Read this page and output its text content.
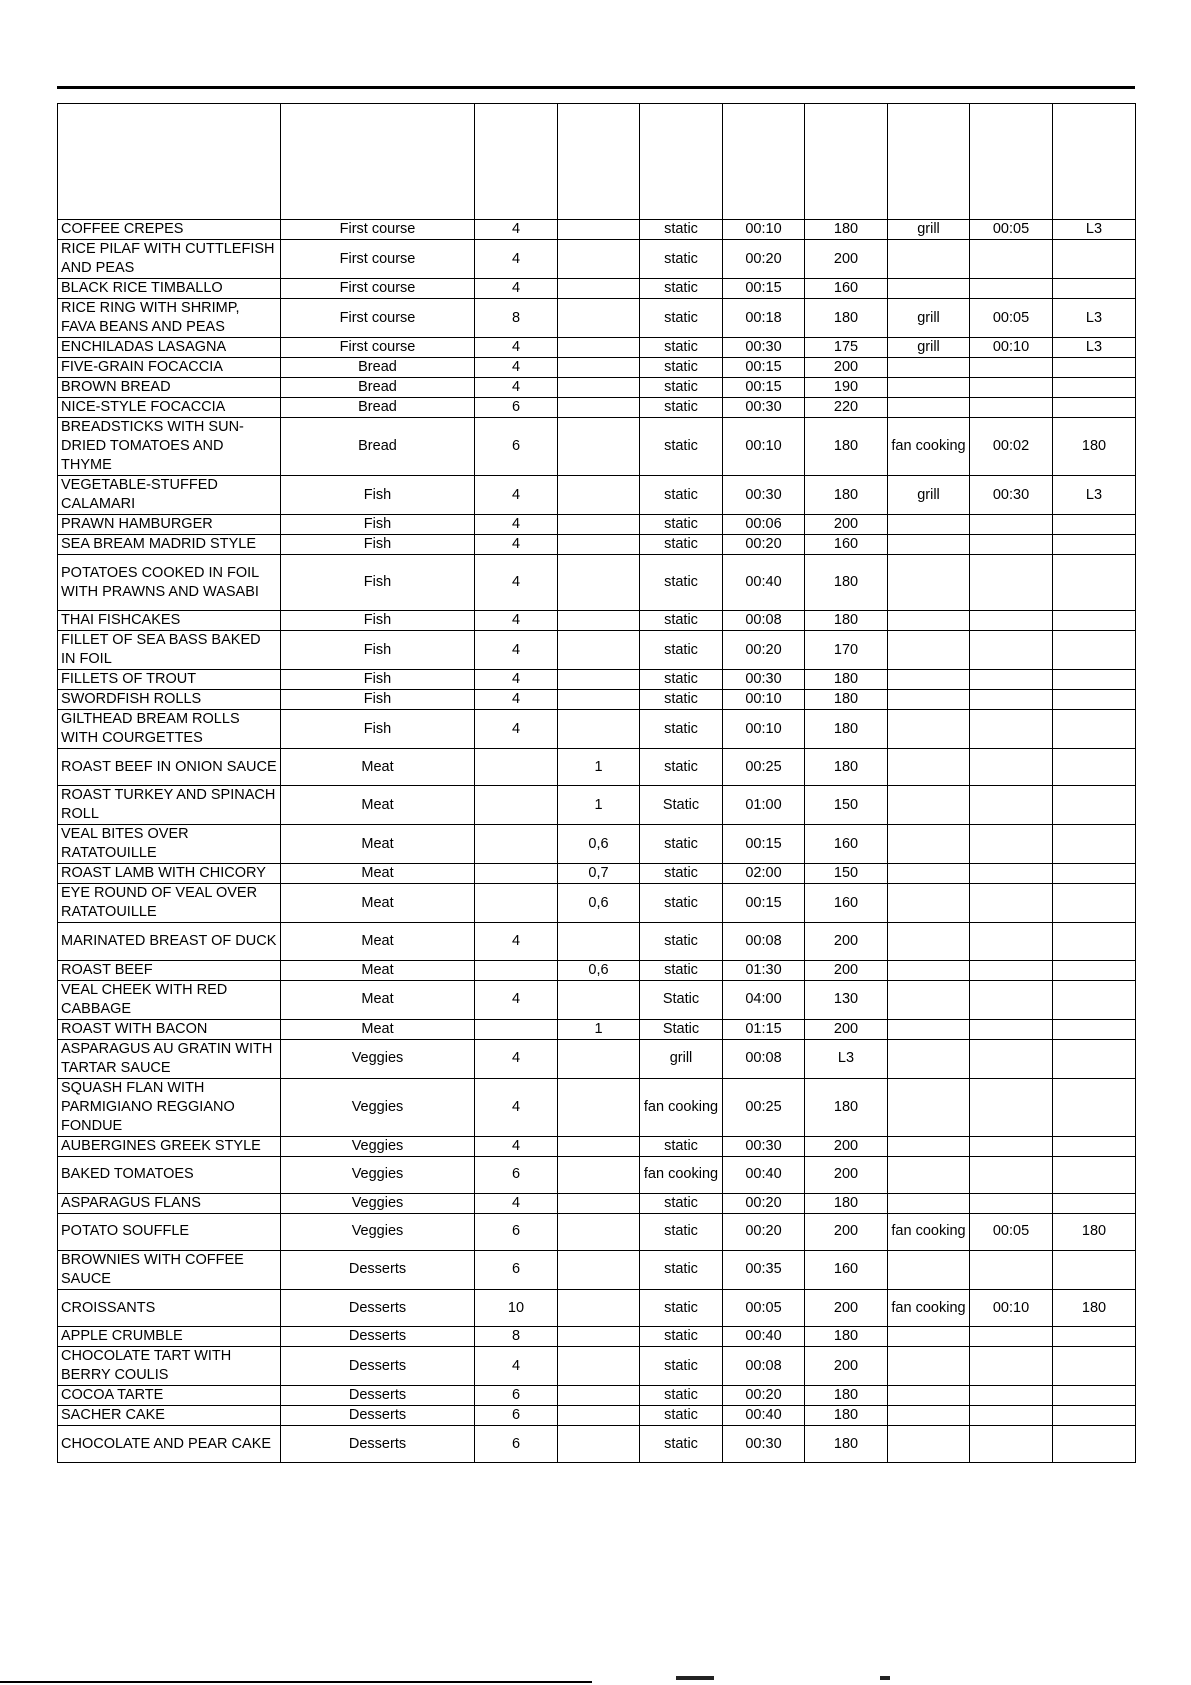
COFFEE CREPES	First course	4		static	00:10	180	grill	00:05	L3
RICE PILAF WITH CUTTLEFISH AND PEAS	First course	4		static	00:20	200			
BLACK RICE TIMBALLO	First course	4		static	00:15	160			
RICE RING WITH SHRIMP, FAVA BEANS AND PEAS	First course	8		static	00:18	180	grill	00:05	L3
ENCHILADAS LASAGNA	First course	4		static	00:30	175	grill	00:10	L3
FIVE-GRAIN FOCACCIA	Bread	4		static	00:15	200			
BROWN BREAD	Bread	4		static	00:15	190			
NICE-STYLE FOCACCIA	Bread	6		static	00:30	220			
BREADSTICKS WITH SUN-DRIED TOMATOES AND THYME	Bread	6		static	00:10	180	fan cooking	00:02	180
VEGETABLE-STUFFED CALAMARI	Fish	4		static	00:30	180	grill	00:30	L3
PRAWN HAMBURGER	Fish	4		static	00:06	200			
SEA BREAM MADRID STYLE	Fish	4		static	00:20	160			
POTATOES COOKED IN FOIL WITH PRAWNS AND WASABI	Fish	4		static	00:40	180			
THAI FISHCAKES	Fish	4		static	00:08	180			
FILLET OF SEA BASS BAKED IN FOIL	Fish	4		static	00:20	170			
FILLETS OF TROUT	Fish	4		static	00:30	180			
SWORDFISH ROLLS	Fish	4		static	00:10	180			
GILTHEAD BREAM ROLLS WITH COURGETTES	Fish	4		static	00:10	180			
ROAST BEEF IN ONION SAUCE	Meat		1	static	00:25	180			
ROAST TURKEY AND SPINACH ROLL	Meat		1	Static	01:00	150			
VEAL BITES OVER RATATOUILLE	Meat		0,6	static	00:15	160			
ROAST LAMB WITH CHICORY	Meat		0,7	static	02:00	150			
EYE ROUND OF VEAL OVER RATATOUILLE	Meat		0,6	static	00:15	160			
MARINATED BREAST OF DUCK	Meat	4		static	00:08	200			
ROAST BEEF	Meat		0,6	static	01:30	200			
VEAL CHEEK WITH RED CABBAGE	Meat	4		Static	04:00	130			
ROAST WITH BACON	Meat		1	Static	01:15	200			
ASPARAGUS AU GRATIN WITH TARTAR SAUCE	Veggies	4		grill	00:08	L3			
SQUASH FLAN WITH PARMIGIANO REGGIANO FONDUE	Veggies	4		fan cooking	00:25	180			
AUBERGINES GREEK STYLE	Veggies	4		static	00:30	200			
BAKED TOMATOES	Veggies	6		fan cooking	00:40	200			
ASPARAGUS FLANS	Veggies	4		static	00:20	180			
POTATO SOUFFLE	Veggies	6		static	00:20	200	fan cooking	00:05	180
BROWNIES WITH COFFEE SAUCE	Desserts	6		static	00:35	160			
CROISSANTS	Desserts	10		static	00:05	200	fan cooking	00:10	180
APPLE CRUMBLE	Desserts	8		static	00:40	180			
CHOCOLATE TART WITH BERRY COULIS	Desserts	4		static	00:08	200			
COCOA TARTE	Desserts	6		static	00:20	180			
SACHER CAKE	Desserts	6		static	00:40	180			
CHOCOLATE AND PEAR CAKE	Desserts	6		static	00:30	180			
